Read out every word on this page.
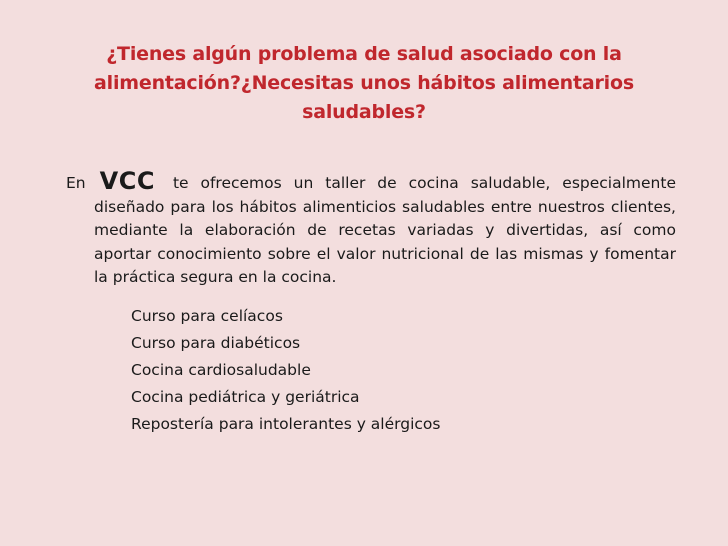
¿Tienes algún problema de salud asociado con la alimentación?¿Necesitas unos hábitos alimentarios saludables?

En VCC te ofrecemos un taller de cocina saludable, especialmente diseñado para los hábitos alimenticios saludables entre nuestros clientes, mediante la elaboración de recetas variadas y divertidas, así como aportar conocimiento sobre el valor nutricional de las mismas y fomentar la práctica segura en la cocina.

Curso para celíacos
Curso para diabéticos
Cocina cardiosaludable
Cocina pediátrica y geriátrica
Repostería para intolerantes y alérgicos
